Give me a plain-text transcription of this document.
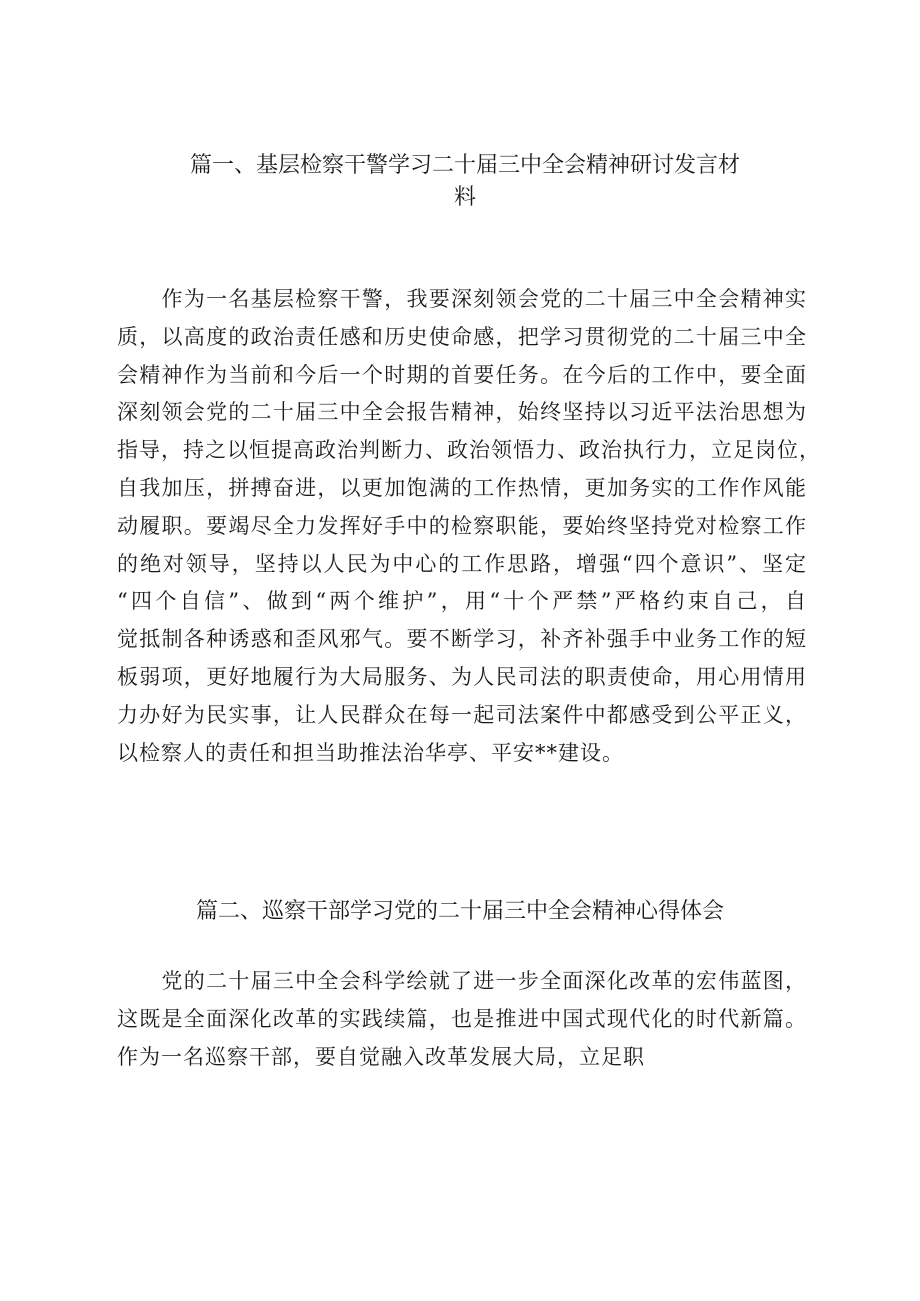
篇一、基层检察干警学习二十届三中全会精神研讨发言材
料

　　作为一名基层检察干警，我要深刻领会党的二十届三中全会精神实
质，以高度的政治责任感和历史使命感，把学习贯彻党的二十届三中全
会精神作为当前和今后一个时期的首要任务。在今后的工作中，要全面
深刻领会党的二十届三中全会报告精神，始终坚持以习近平法治思想为
指导，持之以恒提高政治判断力、政治领悟力、政治执行力，立足岗位，
自我加压，拼搏奋进，以更加饱满的工作热情，更加务实的工作作风能
动履职。要竭尽全力发挥好手中的检察职能，要始终坚持党对检察工作
的绝对领导，坚持以人民为中心的工作思路，增强“四个意识”、坚定
“四个自信”、做到“两个维护”，用“十个严禁”严格约束自己，自
觉抵制各种诱惑和歪风邪气。要不断学习，补齐补强手中业务工作的短
板弱项，更好地履行为大局服务、为人民司法的职责使命，用心用情用
力办好为民实事，让人民群众在每一起司法案件中都感受到公平正义，
以检察人的责任和担当助推法治华亭、平安**建设。

篇二、巡察干部学习党的二十届三中全会精神心得体会

　　党的二十届三中全会科学绘就了进一步全面深化改革的宏伟蓝图，
这既是全面深化改革的实践续篇，也是推进中国式现代化的时代新篇。
作为一名巡察干部，要自觉融入改革发展大局，立足职
